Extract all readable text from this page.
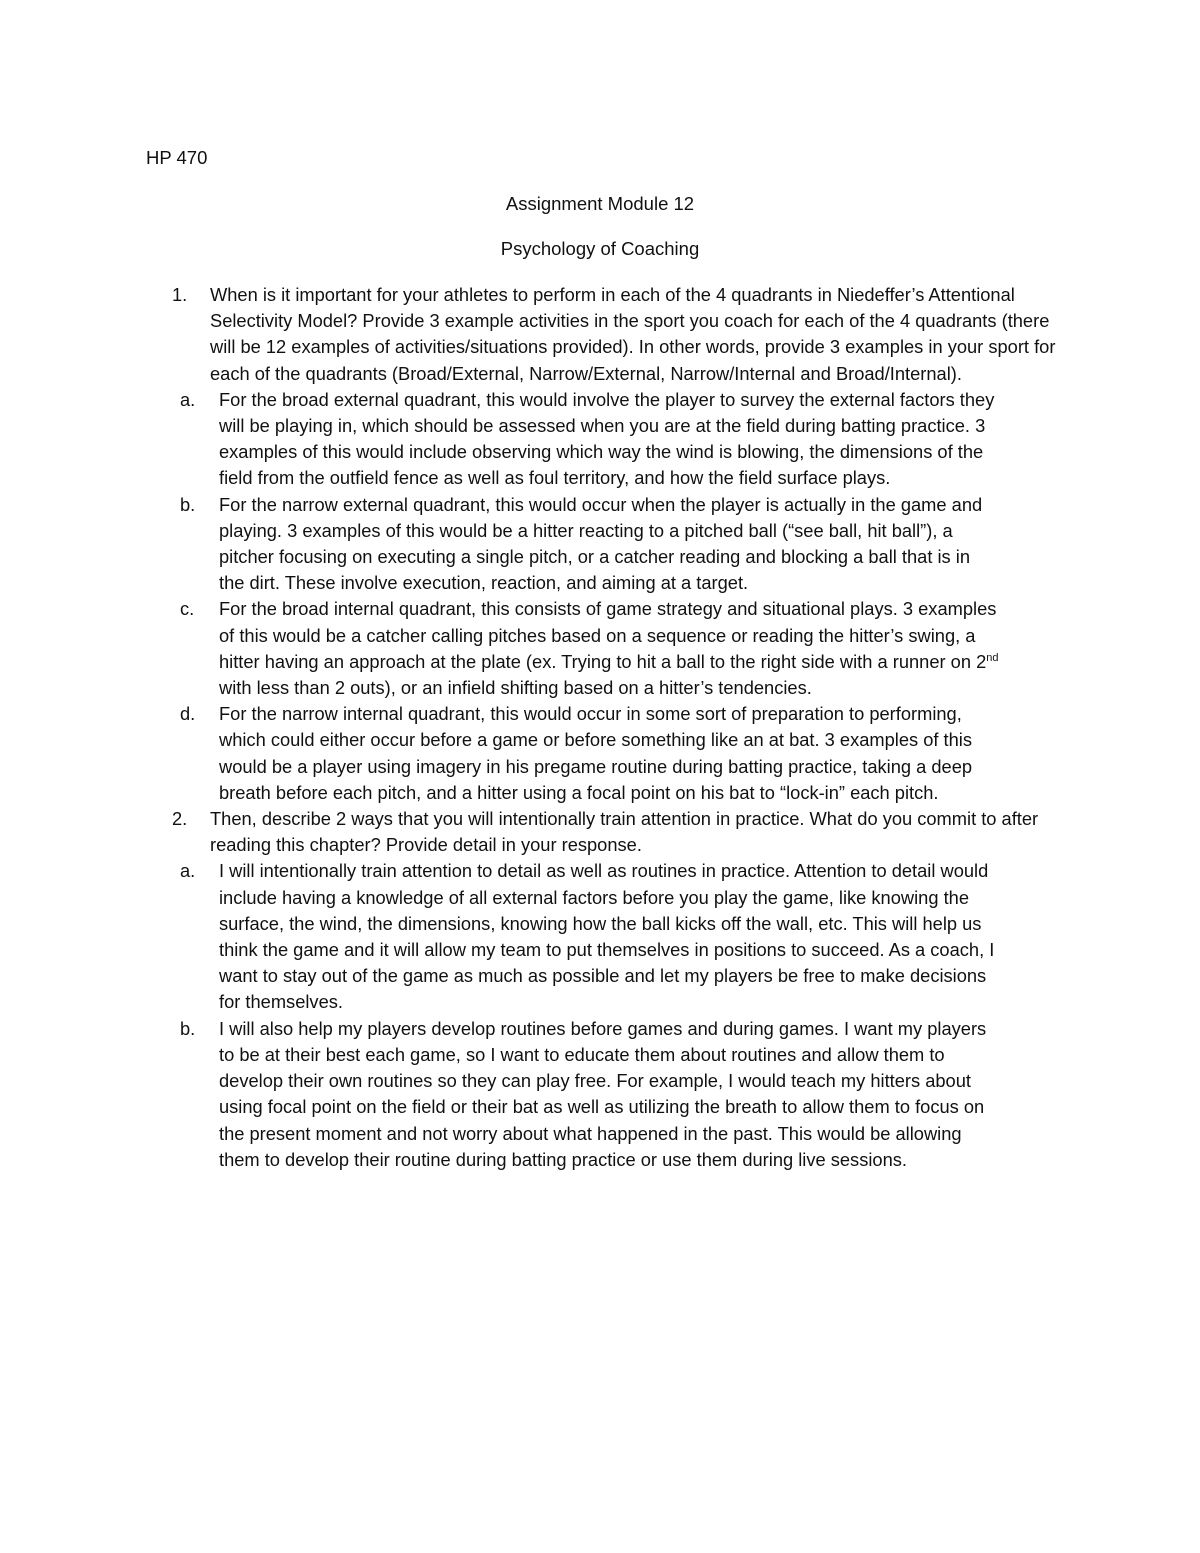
HP 470
Assignment Module 12
Psychology of Coaching
1. When is it important for your athletes to perform in each of the 4 quadrants in Niedeffer’s Attentional Selectivity Model? Provide 3 example activities in the sport you coach for each of the 4 quadrants (there will be 12 examples of activities/situations provided). In other words, provide 3 examples in your sport for each of the quadrants (Broad/External, Narrow/External, Narrow/Internal and Broad/Internal).
a. For the broad external quadrant, this would involve the player to survey the external factors they will be playing in, which should be assessed when you are at the field during batting practice. 3 examples of this would include observing which way the wind is blowing, the dimensions of the field from the outfield fence as well as foul territory, and how the field surface plays.
b. For the narrow external quadrant, this would occur when the player is actually in the game and playing. 3 examples of this would be a hitter reacting to a pitched ball (“see ball, hit ball”), a pitcher focusing on executing a single pitch, or a catcher reading and blocking a ball that is in the dirt. These involve execution, reaction, and aiming at a target.
c. For the broad internal quadrant, this consists of game strategy and situational plays. 3 examples of this would be a catcher calling pitches based on a sequence or reading the hitter’s swing, a hitter having an approach at the plate (ex. Trying to hit a ball to the right side with a runner on 2nd with less than 2 outs), or an infield shifting based on a hitter’s tendencies.
d. For the narrow internal quadrant, this would occur in some sort of preparation to performing, which could either occur before a game or before something like an at bat. 3 examples of this would be a player using imagery in his pregame routine during batting practice, taking a deep breath before each pitch, and a hitter using a focal point on his bat to “lock-in” each pitch.
2. Then, describe 2 ways that you will intentionally train attention in practice. What do you commit to after reading this chapter? Provide detail in your response.
a. I will intentionally train attention to detail as well as routines in practice. Attention to detail would include having a knowledge of all external factors before you play the game, like knowing the surface, the wind, the dimensions, knowing how the ball kicks off the wall, etc. This will help us think the game and it will allow my team to put themselves in positions to succeed. As a coach, I want to stay out of the game as much as possible and let my players be free to make decisions for themselves.
b. I will also help my players develop routines before games and during games. I want my players to be at their best each game, so I want to educate them about routines and allow them to develop their own routines so they can play free. For example, I would teach my hitters about using focal point on the field or their bat as well as utilizing the breath to allow them to focus on the present moment and not worry about what happened in the past. This would be allowing them to develop their routine during batting practice or use them during live sessions.
